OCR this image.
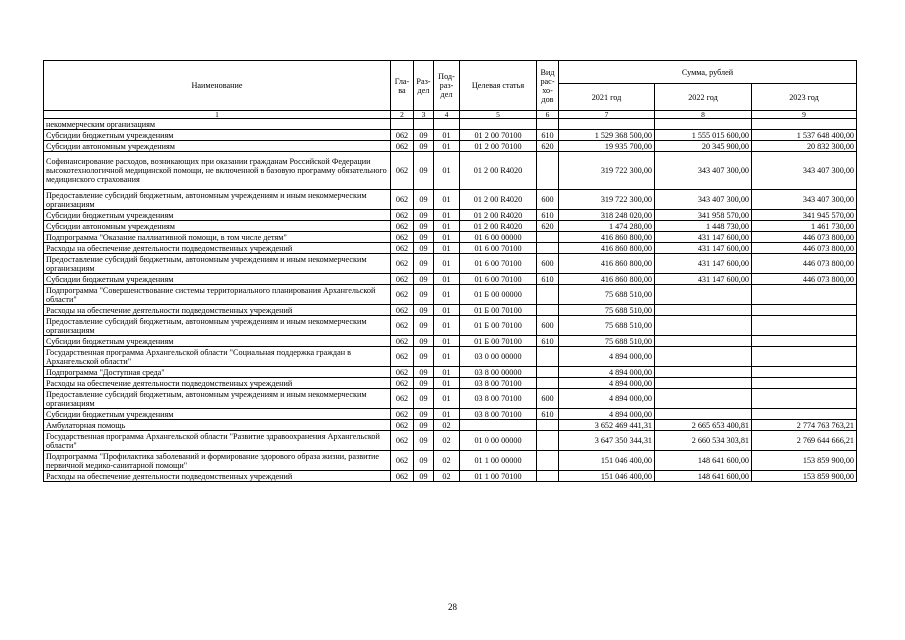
Наименование	Гла-ва	Раз-дел	Под-раз-дел	Целевая статья	Вид рас-хо-дов	Сумма, рублей		
						2021 год	2022 год	2023 год
1	2	3	4	5	6	7	8	9
некоммерческим организациям								
Субсидии бюджетным учреждениям	062	09	01	01 2 00 70100	610	1 529 368 500,00	1 555 015 600,00	1 537 648 400,00
Субсидии автономным учреждениям	062	09	01	01 2 00 70100	620	19 935 700,00	20 345 900,00	20 832 300,00
Софинансирование расходов, возникающих при оказании гражданам Российской Федерации высокотехнологичной медицинской помощи, не включенной в базовую программу обязательного медицинского страхования	062	09	01	01 2 00 R4020		319 722 300,00	343 407 300,00	343 407 300,00
Предоставление субсидий бюджетным, автономным учреждениям и иным некоммерческим организациям	062	09	01	01 2 00 R4020	600	319 722 300,00	343 407 300,00	343 407 300,00
Субсидии бюджетным учреждениям	062	09	01	01 2 00 R4020	610	318 248 020,00	341 958 570,00	341 945 570,00
Субсидии автономным учреждениям	062	09	01	01 2 00 R4020	620	1 474 280,00	1 448 730,00	1 461 730,00
Подпрограмма "Оказание паллиативной помощи, в том числе детям"	062	09	01	01 6 00 00000		416 860 800,00	431 147 600,00	446 073 800,00
Расходы на обеспечение деятельности подведомственных учреждений	062	09	01	01 6 00 70100		416 860 800,00	431 147 600,00	446 073 800,00
Предоставление субсидий бюджетным, автономным учреждениям и иным некоммерческим организациям	062	09	01	01 6 00 70100	600	416 860 800,00	431 147 600,00	446 073 800,00
Субсидии бюджетным учреждениям	062	09	01	01 6 00 70100	610	416 860 800,00	431 147 600,00	446 073 800,00
Подпрограмма "Совершенствование системы территориального планирования Архангельской области"	062	09	01	01 Б 00 00000		75 688 510,00		
Расходы на обеспечение деятельности подведомственных учреждений	062	09	01	01 Б 00 70100		75 688 510,00		
Предоставление субсидий бюджетным, автономным учреждениям и иным некоммерческим организациям	062	09	01	01 Б 00 70100	600	75 688 510,00		
Субсидии бюджетным учреждениям	062	09	01	01 Б 00 70100	610	75 688 510,00		
Государственная программа Архангельской области "Социальная поддержка граждан в Архангельской области"	062	09	01	03 0 00 00000		4 894 000,00		
Подпрограмма "Доступная среда"	062	09	01	03 8 00 00000		4 894 000,00		
Расходы на обеспечение деятельности подведомственных учреждений	062	09	01	03 8 00 70100		4 894 000,00		
Предоставление субсидий бюджетным, автономным учреждениям и иным некоммерческим организациям	062	09	01	03 8 00 70100	600	4 894 000,00		
Субсидии бюджетным учреждениям	062	09	01	03 8 00 70100	610	4 894 000,00		
Амбулаторная помощь	062	09	02			3 652 469 441,31	2 665 653 400,81	2 774 763 763,21
Государственная программа Архангельской области "Развитие здравоохранения Архангельской области"	062	09	02	01 0 00 00000		3 647 350 344,31	2 660 534 303,81	2 769 644 666,21
Подпрограмма "Профилактика заболеваний и формирование здорового образа жизни, развитие первичной медико-санитарной помощи"	062	09	02	01 1 00 00000		151 046 400,00	148 641 600,00	153 859 900,00
Расходы на обеспечение деятельности подведомственных учреждений	062	09	02	01 1 00 70100		151 046 400,00	148 641 600,00	153 859 900,00
28
